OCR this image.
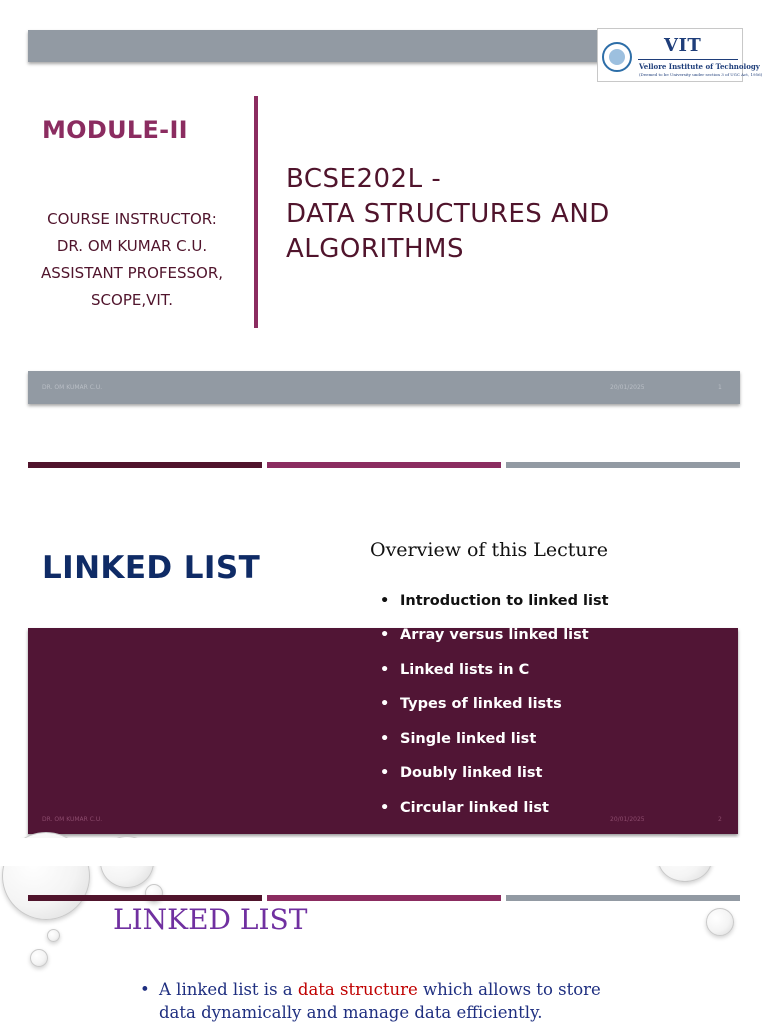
VIT
Vellore Institute of Technology
(Deemed to be University under section 3 of UGC Act, 1956)
MODULE-II
COURSE INSTRUCTOR:
DR. OM KUMAR C.U.
ASSISTANT PROFESSOR,
SCOPE,VIT.
BCSE202L -
DATA STRUCTURES AND
ALGORITHMS
DR. OM KUMAR C.U.	20/01/2025	1
LINKED LIST	Overview of this Lecture
• Introduction to linked list
• Array versus linked list
• Linked lists in C
• Types of linked lists
• Single linked list
• Doubly linked list
• Circular linked list
DR. OM KUMAR C.U.	20/01/2025	2
LINKED LIST
• A linked list is a data structure which allows to store data dynamically and manage data efficiently.
